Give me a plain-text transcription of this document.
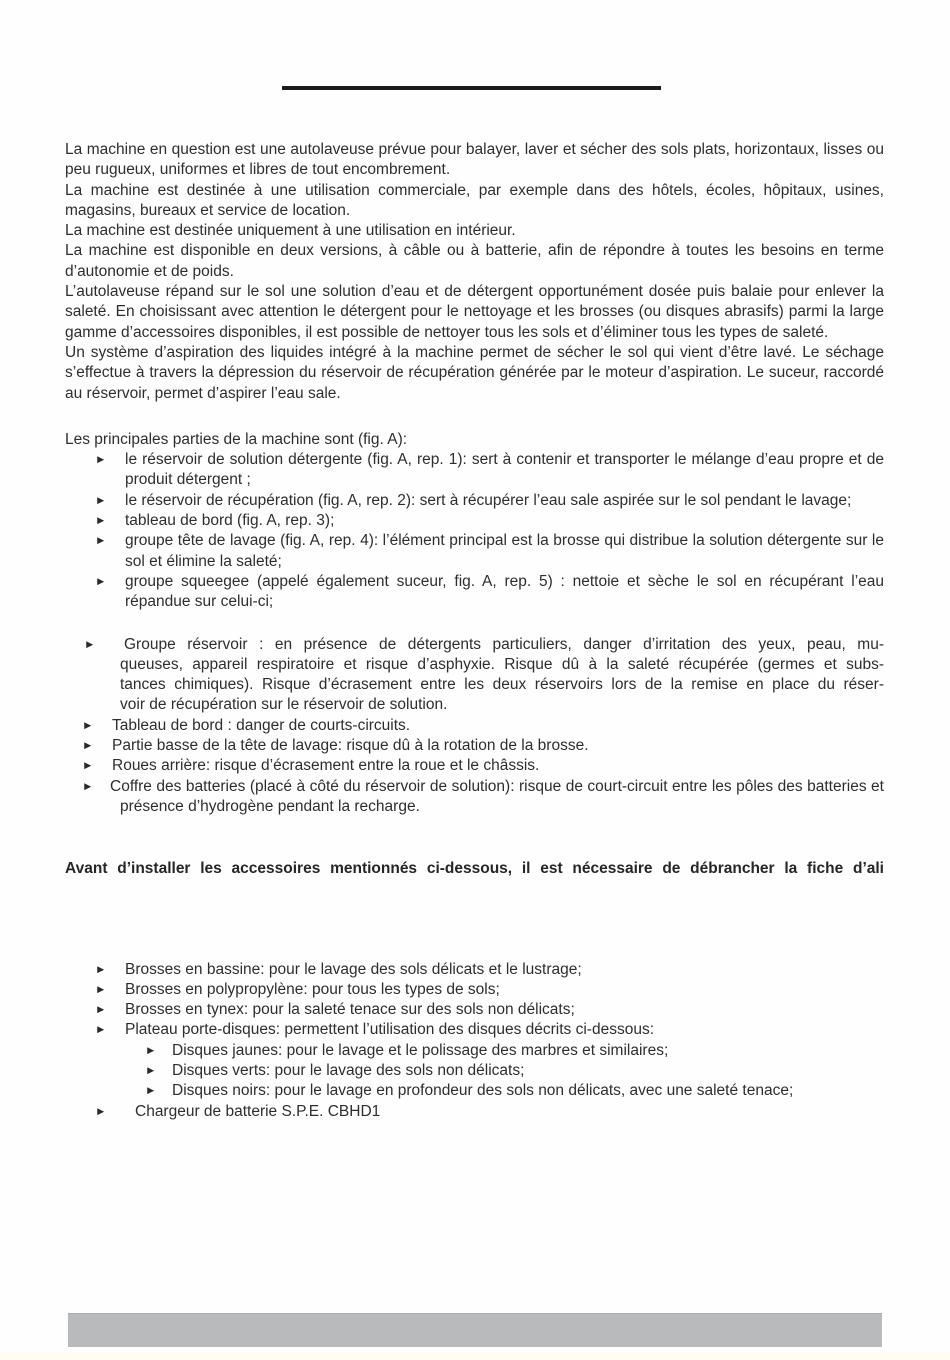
La machine en question est une autolaveuse prévue pour balayer, laver et sécher des sols plats, horizontaux, lisses ou peu rugueux, uniformes et libres de tout encombrement.

La machine est destinée à une utilisation commerciale, par exemple dans des hôtels, écoles, hôpitaux, usines, magasins, bureaux et service de location.

La machine est destinée uniquement à une utilisation en intérieur.

La machine est disponible en deux versions, à câble ou à batterie, afin de répondre à toutes les besoins en terme d’autonomie et de poids.

L’autolaveuse répand sur le sol une solution d’eau et de détergent opportunément dosée puis balaie pour enlever la saleté. En choisissant avec attention le détergent pour le nettoyage et les brosses (ou disques abrasifs) parmi la large gamme d’accessoires disponibles, il est possible de nettoyer tous les sols et d’éliminer tous les types de saleté.

Un système d’aspiration des liquides intégré à la machine permet de sécher le sol qui vient d’être lavé. Le séchage s’effectue à travers la dépression du réservoir de récupération générée par le moteur d’aspiration. Le suceur, raccordé au réservoir, permet d’aspirer l’eau sale.

Les principales parties de la machine sont (fig. A):

► le réservoir de solution détergente (fig. A, rep. 1): sert à contenir et transporter le mélange d’eau propre et de produit détergent ;
► le réservoir de récupération (fig. A, rep. 2): sert à récupérer l’eau sale aspirée sur le sol pendant le lavage;
► tableau de bord (fig. A, rep. 3);
► groupe tête de lavage (fig. A, rep. 4): l’élément principal est la brosse qui distribue la solution détergente sur le sol et élimine la saleté;
► groupe squeegee (appelé également suceur, fig. A, rep. 5) : nettoie et sèche le sol en récupérant l’eau répandue sur celui-ci;
► Groupe réservoir : en présence de détergents particuliers, danger d’irritation des yeux, peau, mu-
queuses, appareil respiratoire et risque d’asphyxie. Risque dû à la saleté récupérée (germes et subs-
tances chimiques). Risque d’écrasement entre les deux réservoirs lors de la remise en place du réser-
voir de récupération sur le réservoir de solution.
► Tableau de bord : danger de courts-circuits.
► Partie basse de la tête de lavage: risque dû à la rotation de la brosse.
► Roues arrière: risque d’écrasement entre la roue et le châssis.
► Coffre des batteries (placé à côté du réservoir de solution): risque de court-circuit entre les pôles des batteries et présence d’hydrogène pendant la recharge.

Avant d’installer les accessoires mentionnés ci-dessous, il est nécessaire de débrancher la fiche d’ali

► Brosses en bassine: pour le lavage des sols délicats et le lustrage;
► Brosses en polypropylène: pour tous les types de sols;
► Brosses en tynex: pour la saleté tenace sur des sols non délicats;
► Plateau porte-disques: permettent l’utilisation des disques décrits ci-dessous:
► Disques jaunes: pour le lavage et le polissage des marbres et similaires;
► Disques verts: pour le lavage des sols non délicats;
► Disques noirs: pour le lavage en profondeur des sols non délicats, avec une saleté tenace;
► Chargeur de batterie S.P.E. CBHD1
